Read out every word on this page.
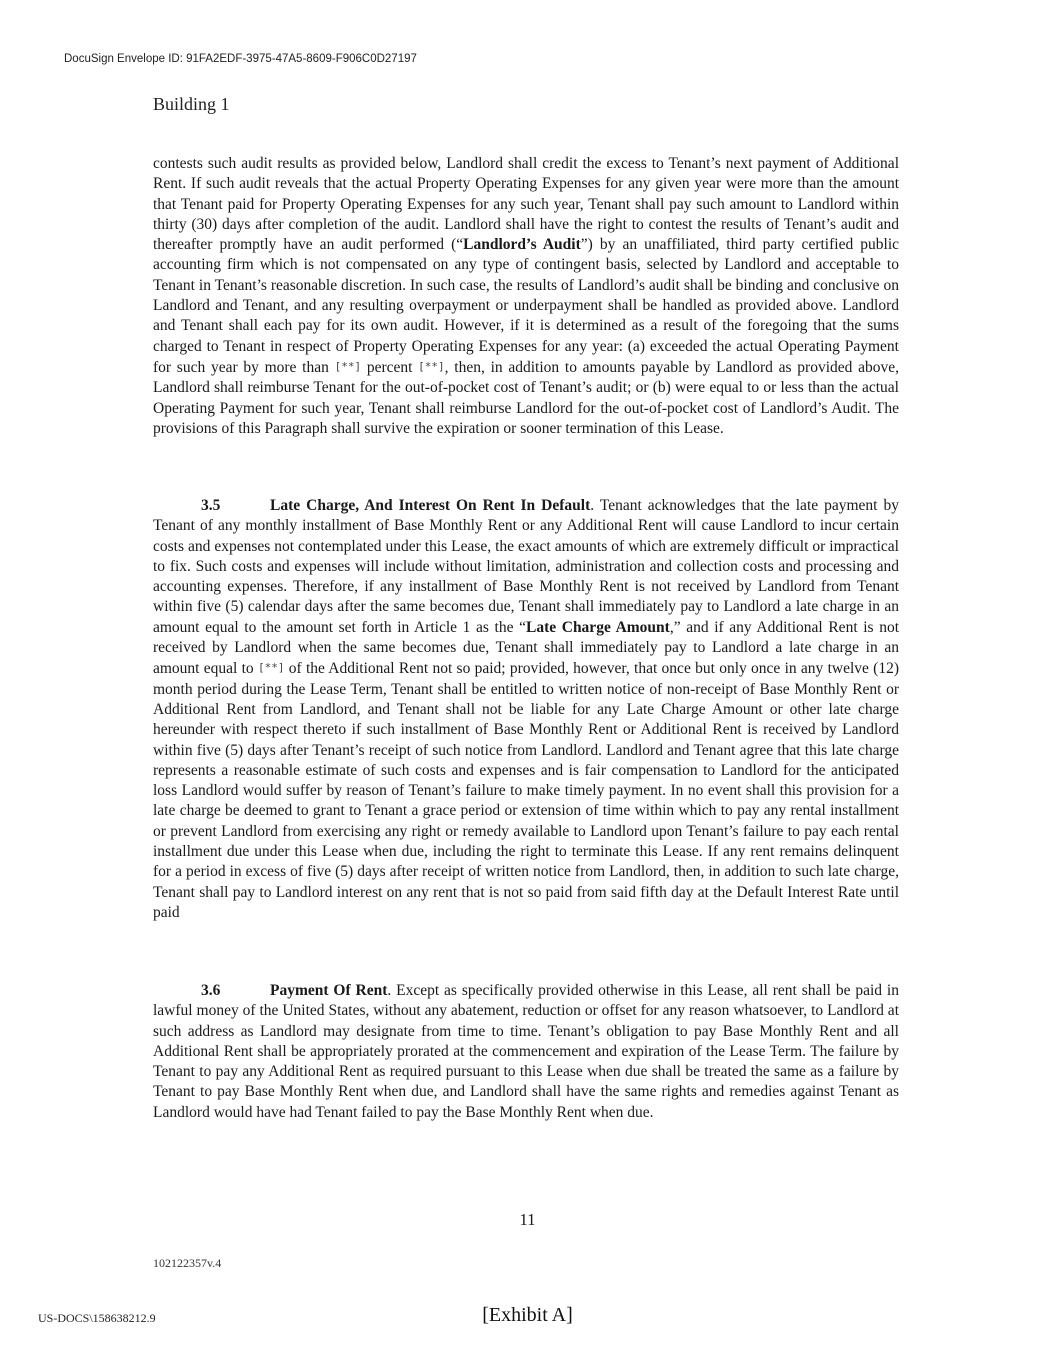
DocuSign Envelope ID: 91FA2EDF-3975-47A5-8609-F906C0D27197
Building 1

contests such audit results as provided below, Landlord shall credit the excess to Tenant’s next payment of Additional Rent. If such audit reveals that the actual Property Operating Expenses for any given year were more than the amount that Tenant paid for Property Operating Expenses for any such year, Tenant shall pay such amount to Landlord within thirty (30) days after completion of the audit. Landlord shall have the right to contest the results of Tenant’s audit and thereafter promptly have an audit performed (“Landlord’s Audit”) by an unaffiliated, third party certified public accounting firm which is not compensated on any type of contingent basis, selected by Landlord and acceptable to Tenant in Tenant’s reasonable discretion. In such case, the results of Landlord’s audit shall be binding and conclusive on Landlord and Tenant, and any resulting overpayment or underpayment shall be handled as provided above. Landlord and Tenant shall each pay for its own audit. However, if it is determined as a result of the foregoing that the sums charged to Tenant in respect of Property Operating Expenses for any year: (a) exceeded the actual Operating Payment for such year by more than [**] percent [**], then, in addition to amounts payable by Landlord as provided above, Landlord shall reimburse Tenant for the out-of-pocket cost of Tenant’s audit; or (b) were equal to or less than the actual Operating Payment for such year, Tenant shall reimburse Landlord for the out-of-pocket cost of Landlord’s Audit. The provisions of this Paragraph shall survive the expiration or sooner termination of this Lease.

3.5	Late Charge, And Interest On Rent In Default. Tenant acknowledges that the late payment by Tenant of any monthly installment of Base Monthly Rent or any Additional Rent will cause Landlord to incur certain costs and expenses not contemplated under this Lease, the exact amounts of which are extremely difficult or impractical to fix. Such costs and expenses will include without limitation, administration and collection costs and processing and accounting expenses. Therefore, if any installment of Base Monthly Rent is not received by Landlord from Tenant within five (5) calendar days after the same becomes due, Tenant shall immediately pay to Landlord a late charge in an amount equal to the amount set forth in Article 1 as the “Late Charge Amount,” and if any Additional Rent is not received by Landlord when the same becomes due, Tenant shall immediately pay to Landlord a late charge in an amount equal to [**] of the Additional Rent not so paid; provided, however, that once but only once in any twelve (12) month period during the Lease Term, Tenant shall be entitled to written notice of non-receipt of Base Monthly Rent or Additional Rent from Landlord, and Tenant shall not be liable for any Late Charge Amount or other late charge hereunder with respect thereto if such installment of Base Monthly Rent or Additional Rent is received by Landlord within five (5) days after Tenant’s receipt of such notice from Landlord. Landlord and Tenant agree that this late charge represents a reasonable estimate of such costs and expenses and is fair compensation to Landlord for the anticipated loss Landlord would suffer by reason of Tenant’s failure to make timely payment. In no event shall this provision for a late charge be deemed to grant to Tenant a grace period or extension of time within which to pay any rental installment or prevent Landlord from exercising any right or remedy available to Landlord upon Tenant’s failure to pay each rental installment due under this Lease when due, including the right to terminate this Lease. If any rent remains delinquent for a period in excess of five (5) days after receipt of written notice from Landlord, then, in addition to such late charge, Tenant shall pay to Landlord interest on any rent that is not so paid from said fifth day at the Default Interest Rate until paid

3.6	Payment Of Rent. Except as specifically provided otherwise in this Lease, all rent shall be paid in lawful money of the United States, without any abatement, reduction or offset for any reason whatsoever, to Landlord at such address as Landlord may designate from time to time. Tenant’s obligation to pay Base Monthly Rent and all Additional Rent shall be appropriately prorated at the commencement and expiration of the Lease Term. The failure by Tenant to pay any Additional Rent as required pursuant to this Lease when due shall be treated the same as a failure by Tenant to pay Base Monthly Rent when due, and Landlord shall have the same rights and remedies against Tenant as Landlord would have had Tenant failed to pay the Base Monthly Rent when due.

11
102122357v.4
US-DOCS\158638212.9	[Exhibit A]
